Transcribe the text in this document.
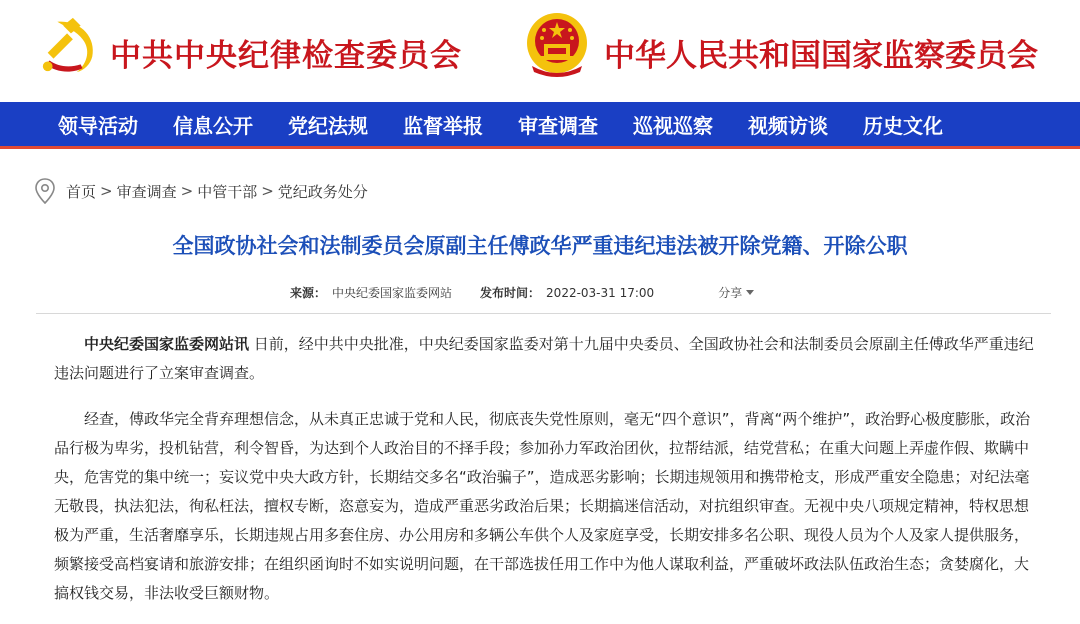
中共中央纪律检查委员会	中华人民共和国国家监察委员会
领导活动 信息公开 党纪法规 监督举报 审查调查 巡视巡察 视频访谈 历史文化
首页 > 审查调查 > 中管干部 > 党纪政务处分
全国政协社会和法制委员会原副主任傅政华严重违纪违法被开除党籍、开除公职
来源： 中央纪委国家监委网站 发布时间： 2022-03-31 17:00	分享

中央纪委国家监委网站讯 日前，经中共中央批准，中央纪委国家监委对第十九届中央委员、全国政协社会和法制委员会原副主任傅政华严重违纪违法问题进行了立案审查调查。

经查，傅政华完全背弃理想信念，从未真正忠诚于党和人民，彻底丧失党性原则，毫无“四个意识”，背离“两个维护”，政治野心极度膨胀，政治品行极为卑劣，投机钻营，利令智昏，为达到个人政治目的不择手段；参加孙力军政治团伙，拉帮结派，结党营私；在重大问题上弄虚作假、欺瞒中央，危害党的集中统一；妄议党中央大政方针，长期结交多名“政治骗子”，造成恶劣影响；长期违规领用和携带枪支，形成严重安全隐患；对纪法毫无敬畏，执法犯法，徇私枉法，擅权专断，恣意妄为，造成严重恶劣政治后果；长期搞迷信活动，对抗组织审查。无视中央八项规定精神，特权思想极为严重，生活奢靡享乐，长期违规占用多套住房、办公用房和多辆公车供个人及家庭享受，长期安排多名公职、现役人员为个人及家人提供服务，频繁接受高档宴请和旅游安排；在组织函询时不如实说明问题，在干部选拔任用工作中为他人谋取利益，严重破坏政法队伍政治生态；贪婪腐化，大搞权钱交易，非法收受巨额财物。
